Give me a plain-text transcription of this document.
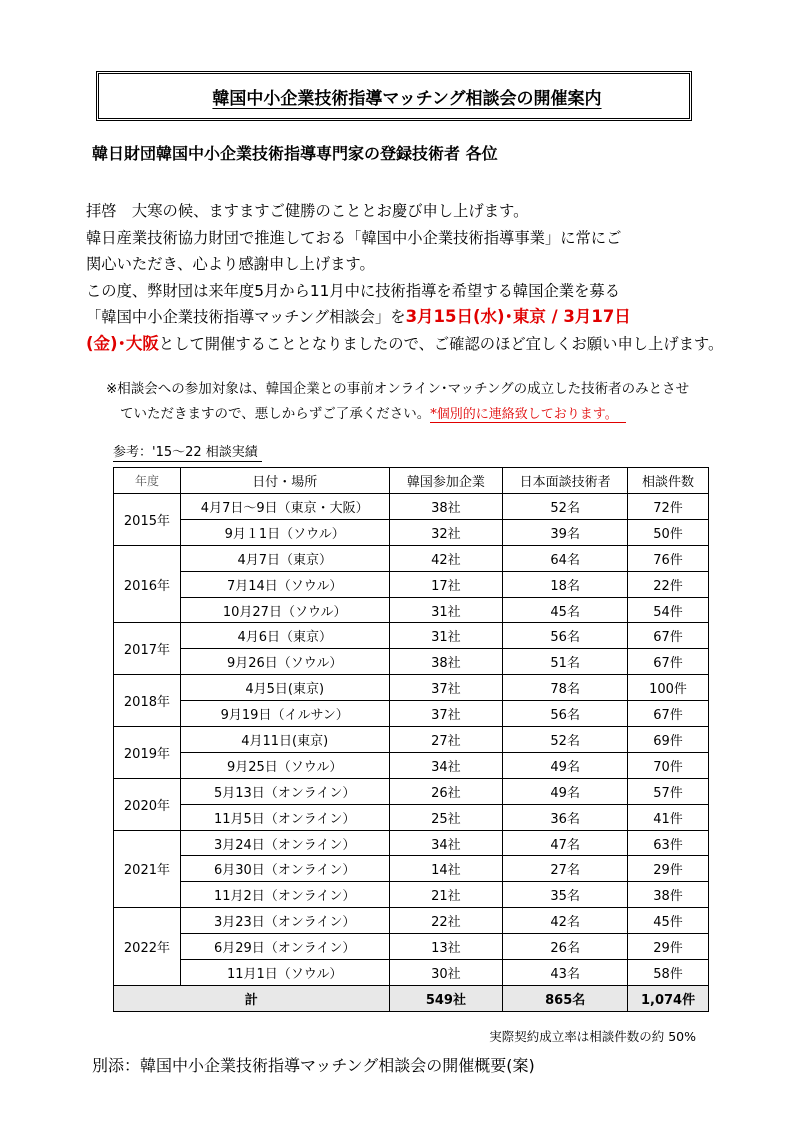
韓国中小企業技術指導マッチング相談会の開催案内
韓日財団韓国中小企業技術指導専門家の登録技術者 各位
拝啓　大寒の候、ますますご健勝のこととお慶び申し上げます。
韓日産業技術協力財団で推進しておる「韓国中小企業技術指導事業」に常にご
関心いただき、心より感謝申し上げます。
この度、弊財団は来年度5月から11月中に技術指導を希望する韓国企業を募る
「韓国中小企業技術指導マッチング相談会」を3月15日(水)･東京 / 3月17日
(金)･大阪として開催することとなりましたので、ご確認のほど宜しくお願い申し上げます。
※相談会への参加対象は、韓国企業との事前オンライン･マッチングの成立した技術者のみとさせ
ていただきますので、悪しからずご了承ください。*個別的に連絡致しております。
参考：'15～22 相談実績
年度	日付・場所	韓国参加企業	日本面談技術者	相談件数
2015年	4月7日～9日（東京・大阪）	38社	52名	72件
	9月１1日（ソウル）	32社	39名	50件
2016年	4月7日（東京）	42社	64名	76件
	7月14日（ソウル）	17社	18名	22件
	10月27日（ソウル）	31社	45名	54件
2017年	4月6日（東京）	31社	56名	67件
	9月26日（ソウル）	38社	51名	67件
2018年	4月5日(東京)	37社	78名	100件
	9月19日（イルサン）	37社	56名	67件
2019年	4月11日(東京)	27社	52名	69件
	9月25日（ソウル）	34社	49名	70件
2020年	5月13日（オンライン）	26社	49名	57件
	11月5日（オンライン）	25社	36名	41件
2021年	3月24日（オンライン）	34社	47名	63件
	6月30日（オンライン）	14社	27名	29件
	11月2日（オンライン）	21社	35名	38件
2022年	3月23日（オンライン）	22社	42名	45件
	6月29日（オンライン）	13社	26名	29件
	11月1日（ソウル）	30社	43名	58件
計		549社	865名	1,074件
実際契約成立率は相談件数の約 50%
別添：韓国中小企業技術指導マッチング相談会の開催概要(案)
